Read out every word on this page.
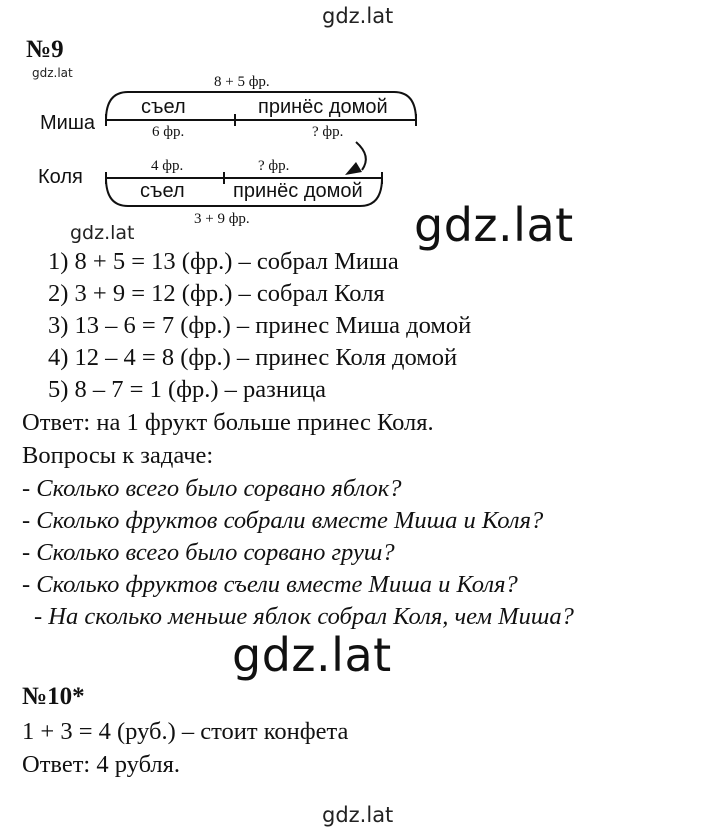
gdz.lat
gdz.lat
gdz.lat	gdz.lat
gdz.lat
gdz.lat
№9
8 + 5 фр.
съел	принёс домой
Миша	6 фр.	? фр.
4 фр.	? фр.
Коля
съел принёс домой
3 + 9 фр.
1) 8 + 5 = 13 (фр.) – собрал Миша
2) 3 + 9 = 12 (фр.) – собрал Коля
3) 13 – 6 = 7 (фр.) – принес Миша домой
4) 12 – 4 = 8 (фр.) – принес Коля домой
5) 8 – 7 = 1 (фр.) – разница
Ответ: на 1 фрукт больше принес Коля.
Вопросы к задаче:
- Сколько всего было сорвано яблок?
- Сколько фруктов собрали вместе Миша и Коля?
- Сколько всего было сорвано груш?
- Сколько фруктов съели вместе Миша и Коля?
- На сколько меньше яблок собрал Коля, чем Миша?
№10*
1 + 3 = 4 (руб.) – стоит конфета
Ответ: 4 рубля.
